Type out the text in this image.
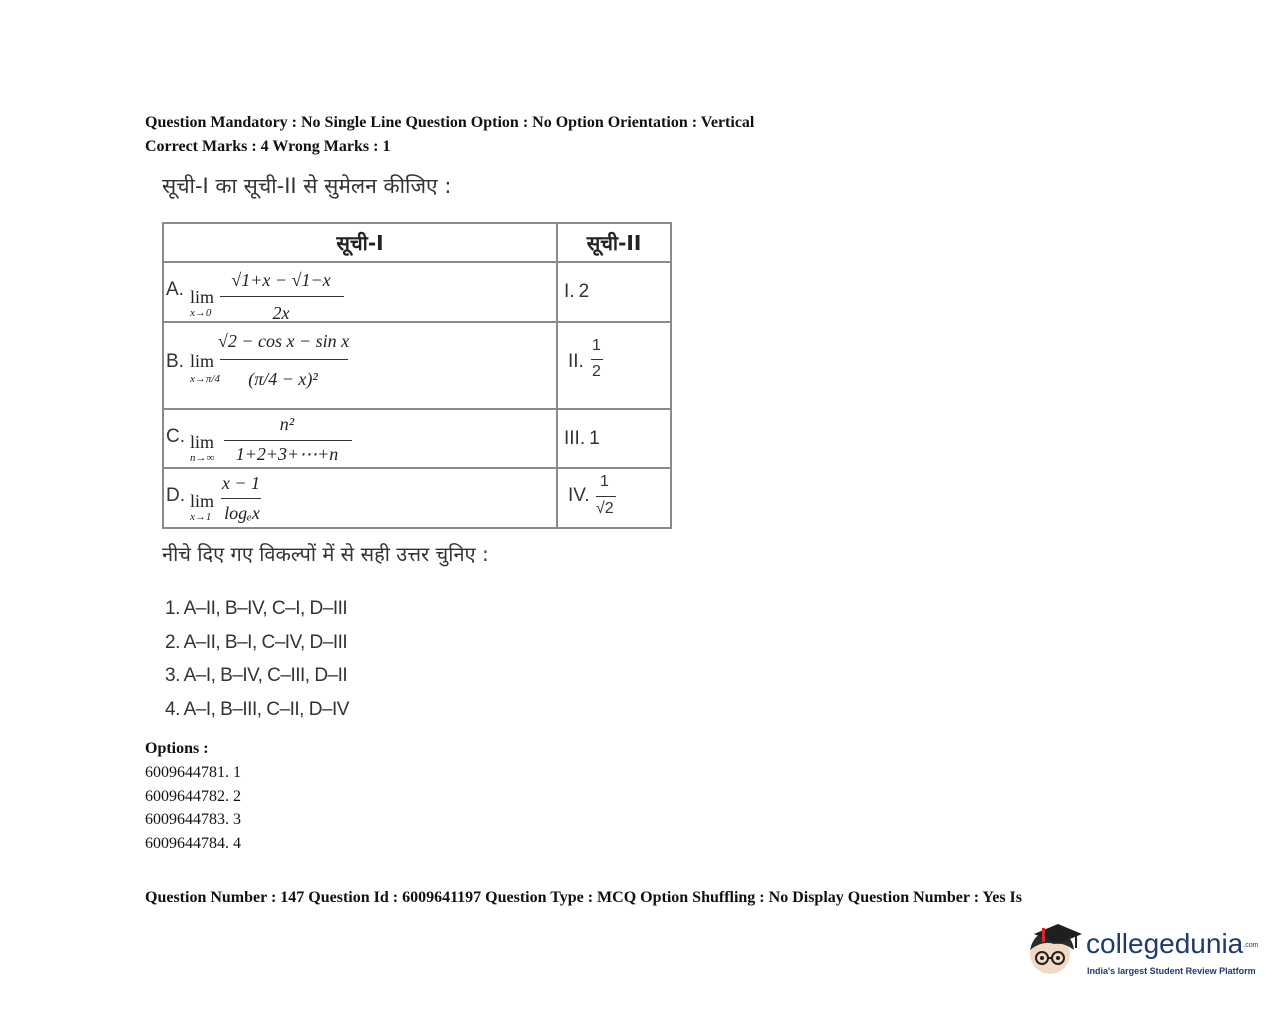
Question Mandatory : No Single Line Question Option : No Option Orientation : Vertical
Correct Marks : 4 Wrong Marks : 1
सूची-I का सूची-II से सुमेलन कीजिए :
सूची-I	सूची-II

A. lim
x→0
√1+x − √1−x
2x	I. 2

B. lim
x→π/4
√2 − cos x − sin x
(π/4 − x)²	II.
1
2

C. lim
n→∞
n²
1+2+3+⋯+n	III. 1

D. lim
x→1
x − 1
logₑx	IV.
1
√2
नीचे दिए गए विकल्पों में से सही उत्तर चुनिए :
1. A–II, B–IV, C–I, D–III
2. A–II, B–I, C–IV, D–III
3. A–I, B–IV, C–III, D–II
4. A–I, B–III, C–II, D–IV
Options :
6009644781. 1
6009644782. 2
6009644783. 3
6009644784. 4
Question Number : 147 Question Id : 6009641197 Question Type : MCQ Option Shuffling : No Display Question Number : Yes Is
collegedunia.com
India's largest Student Review Platform
